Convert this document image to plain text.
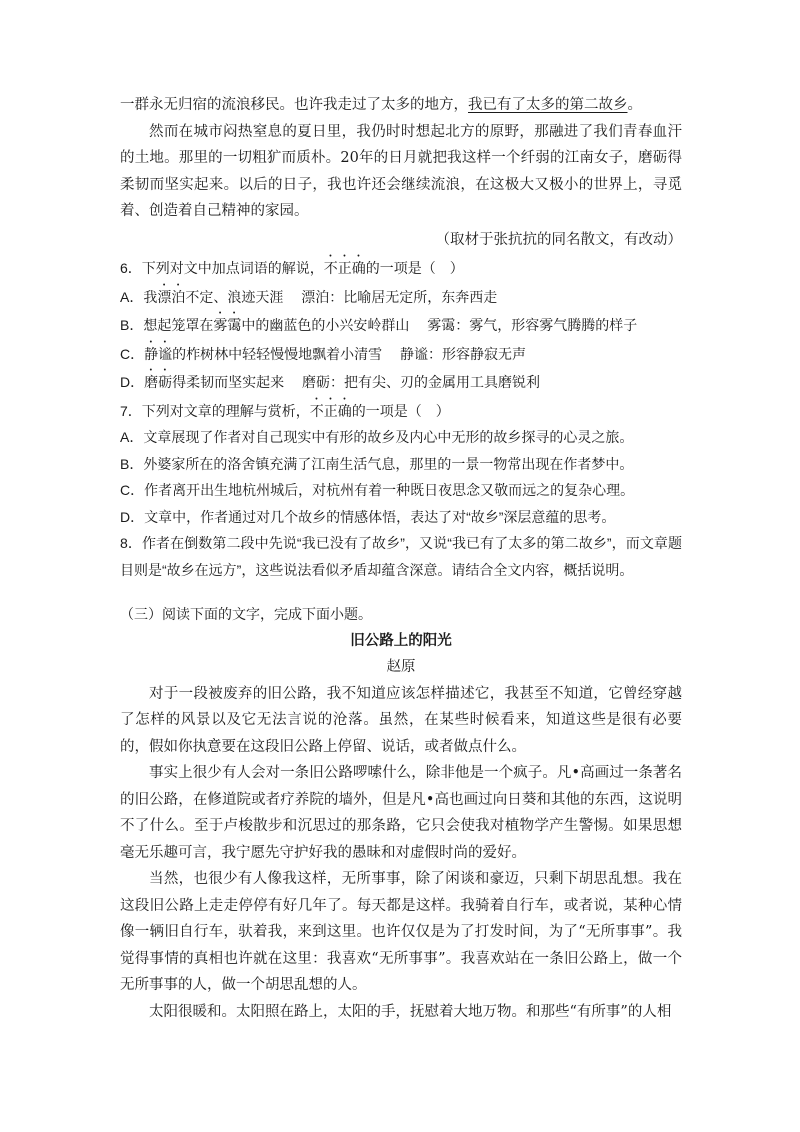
一群永无归宿的流浪移民。也许我走过了太多的地方，我已有了太多的第二故乡。

然而在城市闷热窒息的夏日里，我仍时时想起北方的原野，那融进了我们青春血汗的土地。那里的一切粗犷而质朴。20年的日月就把我这样一个纤弱的江南女子，磨砺得柔韧而坚实起来。以后的日子，我也许还会继续流浪，在这极大又极小的世界上，寻觅着、创造着自己精神的家园。

（取材于张抗抗的同名散文，有改动）

6．下列对文中加点词语的解说，不正确的一项是（　）

A．我漂泊不定、浪迹天涯　 漂泊：比喻居无定所，东奔西走

B．想起笼罩在雾霭中的幽蓝色的小兴安岭群山　 雾霭：雾气，形容雾气腾腾的样子

C．静谧的柞树林中轻轻慢慢地飘着小清雪　 静谧：形容静寂无声

D．磨砺得柔韧而坚实起来　 磨砺：把有尖、刃的金属用工具磨锐利

7．下列对文章的理解与赏析，不正确的一项是（　）

A．文章展现了作者对自己现实中有形的故乡及内心中无形的故乡探寻的心灵之旅。

B．外婆家所在的洛舍镇充满了江南生活气息，那里的一景一物常出现在作者梦中。

C．作者离开出生地杭州城后，对杭州有着一种既日夜思念又敬而远之的复杂心理。

D．文章中，作者通过对几个故乡的情感体悟，表达了对“故乡”深层意蕴的思考。

8．作者在倒数第二段中先说“我已没有了故乡”，又说“我已有了太多的第二故乡”，而文章题目则是“故乡在远方”，这些说法看似矛盾却蕴含深意。请结合全文内容，概括说明。

（三）阅读下面的文字，完成下面小题。

旧公路上的阳光

赵原

对于一段被废弃的旧公路，我不知道应该怎样描述它，我甚至不知道，它曾经穿越了怎样的风景以及它无法言说的沧落。虽然，在某些时候看来，知道这些是很有必要的，假如你执意要在这段旧公路上停留、说话，或者做点什么。

事实上很少有人会对一条旧公路啰嗦什么，除非他是一个疯子。凡•高画过一条著名的旧公路，在修道院或者疗养院的墙外，但是凡•高也画过向日葵和其他的东西，这说明不了什么。至于卢梭散步和沉思过的那条路，它只会使我对植物学产生警惕。如果思想毫无乐趣可言，我宁愿先守护好我的愚昧和对虚假时尚的爱好。

当然，也很少有人像我这样，无所事事，除了闲谈和豪迈，只剩下胡思乱想。我在这段旧公路上走走停停有好几年了。每天都是这样。我骑着自行车，或者说，某种心情像一辆旧自行车，驮着我，来到这里。也许仅仅是为了打发时间，为了“无所事事”。我觉得事情的真相也许就在这里：我喜欢“无所事事”。我喜欢站在一条旧公路上，做一个无所事事的人，做一个胡思乱想的人。

太阳很暖和。太阳照在路上，太阳的手，抚慰着大地万物。和那些“有所事”的人相
